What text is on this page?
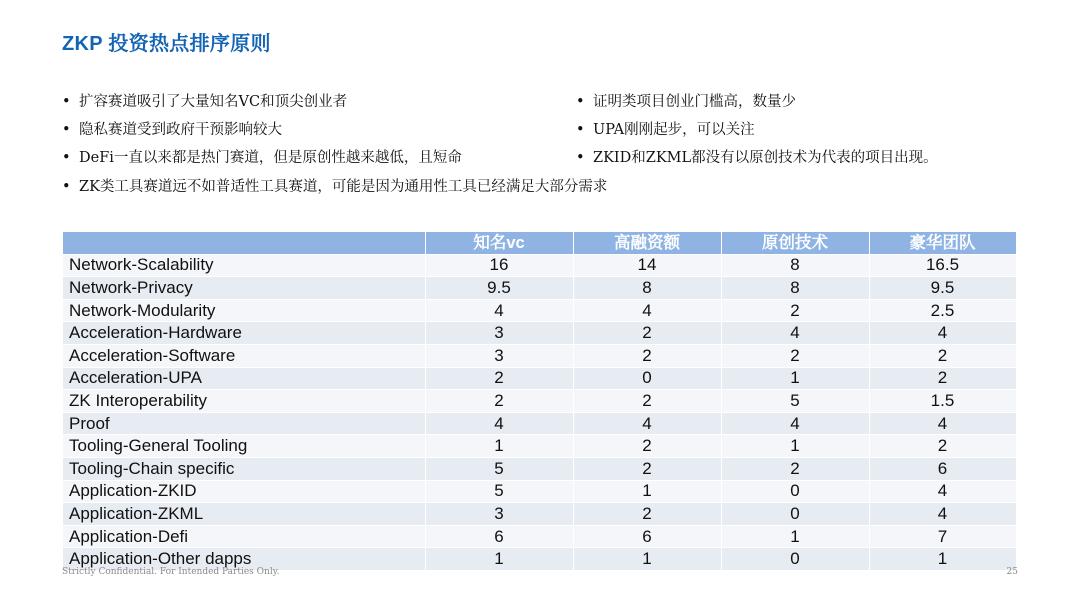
ZKP 投资热点排序原则
• 扩容赛道吸引了大量知名VC和顶尖创业者
• 隐私赛道受到政府干预影响较大
• DeFi一直以来都是热门赛道，但是原创性越来越低，且短命
• 证明类项目创业门槛高，数量少
• UPA刚刚起步，可以关注
• ZKID和ZKML都没有以原创技术为代表的项目出现。
• ZK类工具赛道远不如普适性工具赛道，可能是因为通用性工具已经满足大部分需求
	知名vc	高融资额	原创技术	豪华团队
Network-Scalability	16	14	8	16.5
Network-Privacy	9.5	8	8	9.5
Network-Modularity	4	4	2	2.5
Acceleration-Hardware	3	2	4	4
Acceleration-Software	3	2	2	2
Acceleration-UPA	2	0	1	2
ZK Interoperability	2	2	5	1.5
Proof	4	4	4	4
Tooling-General Tooling	1	2	1	2
Tooling-Chain specific	5	2	2	6
Application-ZKID	5	1	0	4
Application-ZKML	3	2	0	4
Application-Defi	6	6	1	7
Application-Other dapps	1	1	0	1
Strictly Confidential. For Intended Parties Only.	25
